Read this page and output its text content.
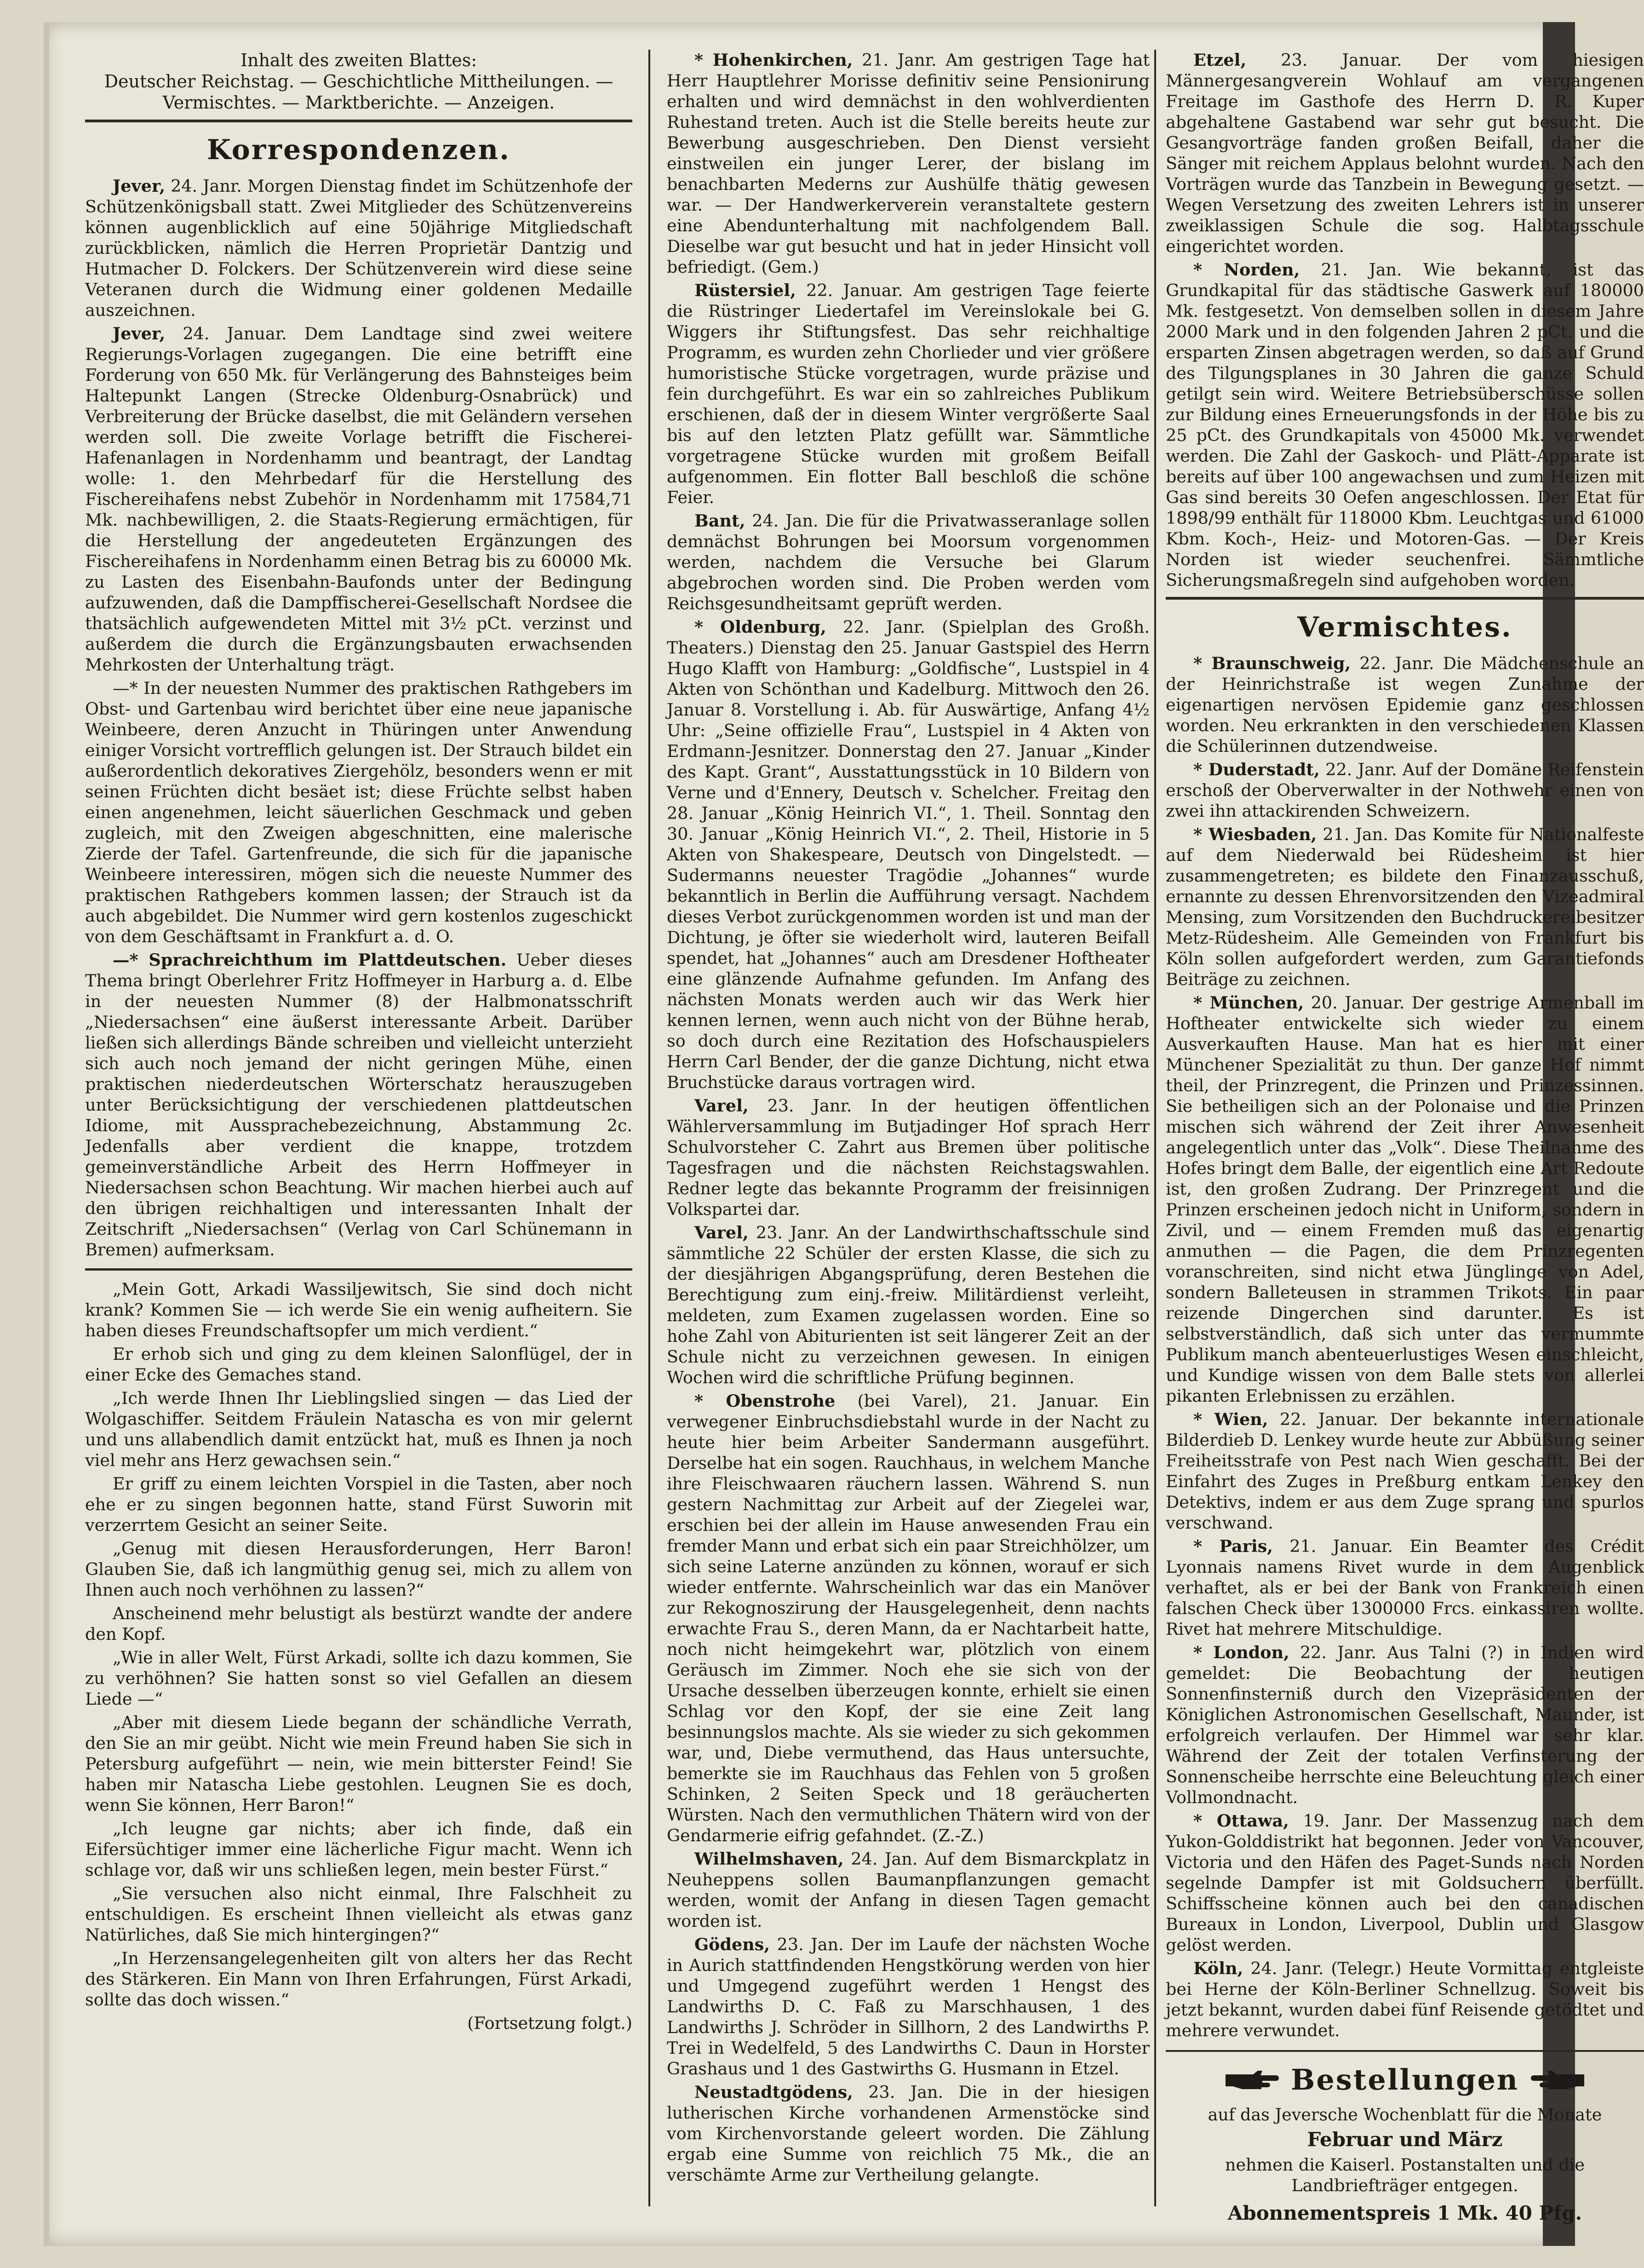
Inhalt des zweiten Blattes:

Deutscher Reichstag. — Geschichtliche Mittheilungen. —

Vermischtes. — Marktberichte. — Anzeigen.

Korrespondenzen.

Jever, 24. Janr. Morgen Dienstag findet im Schützenhofe der Schützenkönigsball statt. Zwei Mitglieder des Schützenvereins können augenblicklich auf eine 50jährige Mitgliedschaft zurückblicken, nämlich die Herren Proprietär Dantzig und Hutmacher D. Folckers. Der Schützenverein wird diese seine Veteranen durch die Widmung einer goldenen Medaille auszeichnen.

Jever, 24. Januar. Dem Landtage sind zwei weitere Regierungs-Vorlagen zugegangen. Die eine betrifft eine Forderung von 650 Mk. für Verlängerung des Bahnsteiges beim Haltepunkt Langen (Strecke Oldenburg-Osnabrück) und Verbreiterung der Brücke daselbst, die mit Geländern versehen werden soll. Die zweite Vorlage betrifft die Fischerei-Hafenanlagen in Nordenhamm und beantragt, der Landtag wolle: 1. den Mehrbedarf für die Herstellung des Fischereihafens nebst Zubehör in Nordenhamm mit 17584,71 Mk. nachbewilligen, 2. die Staats-Regierung ermächtigen, für die Herstellung der angedeuteten Ergänzungen des Fischereihafens in Nordenhamm einen Betrag bis zu 60000 Mk. zu Lasten des Eisenbahn-Baufonds unter der Bedingung aufzuwenden, daß die Dampffischerei-Gesellschaft Nordsee die thatsächlich aufgewendeten Mittel mit 3½ pCt. verzinst und außerdem die durch die Ergänzungsbauten erwachsenden Mehrkosten der Unterhaltung trägt.

—* In der neuesten Nummer des praktischen Rathgebers im Obst- und Gartenbau wird berichtet über eine neue japanische Weinbeere, deren Anzucht in Thüringen unter Anwendung einiger Vorsicht vortrefflich gelungen ist. Der Strauch bildet ein außerordentlich dekoratives Ziergehölz, besonders wenn er mit seinen Früchten dicht besäet ist; diese Früchte selbst haben einen angenehmen, leicht säuerlichen Geschmack und geben zugleich, mit den Zweigen abgeschnitten, eine malerische Zierde der Tafel. Gartenfreunde, die sich für die japanische Weinbeere interessiren, mögen sich die neueste Nummer des praktischen Rathgebers kommen lassen; der Strauch ist da auch abgebildet. Die Nummer wird gern kostenlos zugeschickt von dem Geschäftsamt in Frankfurt a. d. O.

—* Sprachreichthum im Plattdeutschen. Ueber dieses Thema bringt Oberlehrer Fritz Hoffmeyer in Harburg a. d. Elbe in der neuesten Nummer (8) der Halbmonatsschrift „Niedersachsen“ eine äußerst interessante Arbeit. Darüber ließen sich allerdings Bände schreiben und vielleicht unterzieht sich auch noch jemand der nicht geringen Mühe, einen praktischen niederdeutschen Wörterschatz herauszugeben unter Berücksichtigung der verschiedenen plattdeutschen Idiome, mit Aussprachebezeichnung, Abstammung 2c. Jedenfalls aber verdient die knappe, trotzdem gemeinverständliche Arbeit des Herrn Hoffmeyer in Niedersachsen schon Beachtung. Wir machen hierbei auch auf den übrigen reichhaltigen und interessanten Inhalt der Zeitschrift „Niedersachsen“ (Verlag von Carl Schünemann in Bremen) aufmerksam.

„Mein Gott, Arkadi Wassiljewitsch, Sie sind doch nicht krank? Kommen Sie — ich werde Sie ein wenig aufheitern. Sie haben dieses Freundschaftsopfer um mich verdient.“

Er erhob sich und ging zu dem kleinen Salonflügel, der in einer Ecke des Gemaches stand.

„Ich werde Ihnen Ihr Lieblingslied singen — das Lied der Wolgaschiffer. Seitdem Fräulein Natascha es von mir gelernt und uns allabendlich damit entzückt hat, muß es Ihnen ja noch viel mehr ans Herz gewachsen sein.“

Er griff zu einem leichten Vorspiel in die Tasten, aber noch ehe er zu singen begonnen hatte, stand Fürst Suworin mit verzerrtem Gesicht an seiner Seite.

„Genug mit diesen Herausforderungen, Herr Baron! Glauben Sie, daß ich langmüthig genug sei, mich zu allem von Ihnen auch noch verhöhnen zu lassen?“

Anscheinend mehr belustigt als bestürzt wandte der andere den Kopf.

„Wie in aller Welt, Fürst Arkadi, sollte ich dazu kommen, Sie zu verhöhnen? Sie hatten sonst so viel Gefallen an diesem Liede —“

„Aber mit diesem Liede begann der schändliche Verrath, den Sie an mir geübt. Nicht wie mein Freund haben Sie sich in Petersburg aufgeführt — nein, wie mein bitterster Feind! Sie haben mir Natascha Liebe gestohlen. Leugnen Sie es doch, wenn Sie können, Herr Baron!“

„Ich leugne gar nichts; aber ich finde, daß ein Eifersüchtiger immer eine lächerliche Figur macht. Wenn ich schlage vor, daß wir uns schließen legen, mein bester Fürst.“

„Sie versuchen also nicht einmal, Ihre Falschheit zu entschuldigen. Es erscheint Ihnen vielleicht als etwas ganz Natürliches, daß Sie mich hintergingen?“

„In Herzensangelegenheiten gilt von alters her das Recht des Stärkeren. Ein Mann von Ihren Erfahrungen, Fürst Arkadi, sollte das doch wissen.“

(Fortsetzung folgt.)

* Hohenkirchen, 21. Janr. Am gestrigen Tage hat Herr Hauptlehrer Morisse definitiv seine Pensionirung erhalten und wird demnächst in den wohlverdienten Ruhestand treten. Auch ist die Stelle bereits heute zur Bewerbung ausgeschrieben. Den Dienst versieht einstweilen ein junger Lerer, der bislang im benachbarten Mederns zur Aushülfe thätig gewesen war. — Der Handwerkerverein veranstaltete gestern eine Abendunterhaltung mit nachfolgendem Ball. Dieselbe war gut besucht und hat in jeder Hinsicht voll befriedigt. (Gem.)

Rüstersiel, 22. Januar. Am gestrigen Tage feierte die Rüstringer Liedertafel im Vereinslokale bei G. Wiggers ihr Stiftungsfest. Das sehr reichhaltige Programm, es wurden zehn Chorlieder und vier größere humoristische Stücke vorgetragen, wurde präzise und fein durchgeführt. Es war ein so zahlreiches Publikum erschienen, daß der in diesem Winter vergrößerte Saal bis auf den letzten Platz gefüllt war. Sämmtliche vorgetragene Stücke wurden mit großem Beifall aufgenommen. Ein flotter Ball beschloß die schöne Feier.

Bant, 24. Jan. Die für die Privatwasseranlage sollen demnächst Bohrungen bei Moorsum vorgenommen werden, nachdem die Versuche bei Glarum abgebrochen worden sind. Die Proben werden vom Reichsgesundheitsamt geprüft werden.

* Oldenburg, 22. Janr. (Spielplan des Großh. Theaters.) Dienstag den 25. Januar Gastspiel des Herrn Hugo Klafft von Hamburg: „Goldfische“, Lustspiel in 4 Akten von Schönthan und Kadelburg. Mittwoch den 26. Januar 8. Vorstellung i. Ab. für Auswärtige, Anfang 4½ Uhr: „Seine offizielle Frau“, Lustspiel in 4 Akten von Erdmann-Jesnitzer. Donnerstag den 27. Januar „Kinder des Kapt. Grant“, Ausstattungsstück in 10 Bildern von Verne und d'Ennery, Deutsch v. Schelcher. Freitag den 28. Januar „König Heinrich VI.“, 1. Theil. Sonntag den 30. Januar „König Heinrich VI.“, 2. Theil, Historie in 5 Akten von Shakespeare, Deutsch von Dingelstedt. — Sudermanns neuester Tragödie „Johannes“ wurde bekanntlich in Berlin die Aufführung versagt. Nachdem dieses Verbot zurückgenommen worden ist und man der Dichtung, je öfter sie wiederholt wird, lauteren Beifall spendet, hat „Johannes“ auch am Dresdener Hoftheater eine glänzende Aufnahme gefunden. Im Anfang des nächsten Monats werden auch wir das Werk hier kennen lernen, wenn auch nicht von der Bühne herab, so doch durch eine Rezitation des Hofschauspielers Herrn Carl Bender, der die ganze Dichtung, nicht etwa Bruchstücke daraus vortragen wird.

Varel, 23. Janr. In der heutigen öffentlichen Wählerversammlung im Butjadinger Hof sprach Herr Schulvorsteher C. Zahrt aus Bremen über politische Tagesfragen und die nächsten Reichstagswahlen. Redner legte das bekannte Programm der freisinnigen Volkspartei dar.

Varel, 23. Janr. An der Landwirthschaftsschule sind sämmtliche 22 Schüler der ersten Klasse, die sich zu der diesjährigen Abgangsprüfung, deren Bestehen die Berechtigung zum einj.-freiw. Militärdienst verleiht, meldeten, zum Examen zugelassen worden. Eine so hohe Zahl von Abiturienten ist seit längerer Zeit an der Schule nicht zu verzeichnen gewesen. In einigen Wochen wird die schriftliche Prüfung beginnen.

* Obenstrohe (bei Varel), 21. Januar. Ein verwegener Einbruchsdiebstahl wurde in der Nacht zu heute hier beim Arbeiter Sandermann ausgeführt. Derselbe hat ein sogen. Rauchhaus, in welchem Manche ihre Fleischwaaren räuchern lassen. Während S. nun gestern Nachmittag zur Arbeit auf der Ziegelei war, erschien bei der allein im Hause anwesenden Frau ein fremder Mann und erbat sich ein paar Streichhölzer, um sich seine Laterne anzünden zu können, worauf er sich wieder entfernte. Wahrscheinlich war das ein Manöver zur Rekognoszirung der Hausgelegenheit, denn nachts erwachte Frau S., deren Mann, da er Nachtarbeit hatte, noch nicht heimgekehrt war, plötzlich von einem Geräusch im Zimmer. Noch ehe sie sich von der Ursache desselben überzeugen konnte, erhielt sie einen Schlag vor den Kopf, der sie eine Zeit lang besinnungslos machte. Als sie wieder zu sich gekommen war, und, Diebe vermuthend, das Haus untersuchte, bemerkte sie im Rauchhaus das Fehlen von 5 großen Schinken, 2 Seiten Speck und 18 geräucherten Würsten. Nach den vermuthlichen Thätern wird von der Gendarmerie eifrig gefahndet. (Z.-Z.)

Wilhelmshaven, 24. Jan. Auf dem Bismarckplatz in Neuheppens sollen Baumanpflanzungen gemacht werden, womit der Anfang in diesen Tagen gemacht worden ist.

Gödens, 23. Jan. Der im Laufe der nächsten Woche in Aurich stattfindenden Hengstkörung werden von hier und Umgegend zugeführt werden 1 Hengst des Landwirths D. C. Faß zu Marschhausen, 1 des Landwirths J. Schröder in Sillhorn, 2 des Landwirths P. Trei in Wedelfeld, 5 des Landwirths C. Daun in Horster Grashaus und 1 des Gastwirths G. Husmann in Etzel.

Neustadtgödens, 23. Jan. Die in der hiesigen lutherischen Kirche vorhandenen Armenstöcke sind vom Kirchenvorstande geleert worden. Die Zählung ergab eine Summe von reichlich 75 Mk., die an verschämte Arme zur Vertheilung gelangte.

Etzel, 23. Januar. Der vom hiesigen Männergesangverein Wohlauf am vergangenen Freitage im Gasthofe des Herrn D. R. Kuper abgehaltene Gastabend war sehr gut besucht. Die Gesangvorträge fanden großen Beifall, daher die Sänger mit reichem Applaus belohnt wurden. Nach den Vorträgen wurde das Tanzbein in Bewegung gesetzt. — Wegen Versetzung des zweiten Lehrers ist in unserer zweiklassigen Schule die sog. Halbtagsschule eingerichtet worden.

* Norden, 21. Jan. Wie bekannt, ist das Grundkapital für das städtische Gaswerk auf 180000 Mk. festgesetzt. Von demselben sollen in diesem Jahre 2000 Mark und in den folgenden Jahren 2 pCt. und die ersparten Zinsen abgetragen werden, so daß auf Grund des Tilgungsplanes in 30 Jahren die ganze Schuld getilgt sein wird. Weitere Betriebsüberschüsse sollen zur Bildung eines Erneuerungsfonds in der Höhe bis zu 25 pCt. des Grundkapitals von 45000 Mk. verwendet werden. Die Zahl der Gaskoch- und Plätt-Apparate ist bereits auf über 100 angewachsen und zum Heizen mit Gas sind bereits 30 Oefen angeschlossen. Der Etat für 1898/99 enthält für 118000 Kbm. Leuchtgas und 61000 Kbm. Koch-, Heiz- und Motoren-Gas. — Der Kreis Norden ist wieder seuchenfrei. Sämmtliche Sicherungsmaßregeln sind aufgehoben worden.

Vermischtes.

* Braunschweig, 22. Janr. Die Mädchenschule an der Heinrichstraße ist wegen Zunahme der eigenartigen nervösen Epidemie ganz geschlossen worden. Neu erkrankten in den verschiedenen Klassen die Schülerinnen dutzendweise.

* Duderstadt, 22. Janr. Auf der Domäne Reifenstein erschoß der Oberverwalter in der Nothwehr einen von zwei ihn attackirenden Schweizern.

* Wiesbaden, 21. Jan. Das Komite für Nationalfeste auf dem Niederwald bei Rüdesheim ist hier zusammengetreten; es bildete den Finanzausschuß, ernannte zu dessen Ehrenvorsitzenden den Vizeadmiral Mensing, zum Vorsitzenden den Buchdruckereibesitzer Metz-Rüdesheim. Alle Gemeinden von Frankfurt bis Köln sollen aufgefordert werden, zum Garantiefonds Beiträge zu zeichnen.

* München, 20. Januar. Der gestrige Armenball im Hoftheater entwickelte sich wieder zu einem Ausverkauften Hause. Man hat es hier mit einer Münchener Spezialität zu thun. Der ganze Hof nimmt theil, der Prinzregent, die Prinzen und Prinzessinnen. Sie betheiligen sich an der Polonaise und die Prinzen mischen sich während der Zeit ihrer Anwesenheit angelegentlich unter das „Volk“. Diese Theilnahme des Hofes bringt dem Balle, der eigentlich eine Art Redoute ist, den großen Zudrang. Der Prinzregent und die Prinzen erscheinen jedoch nicht in Uniform, sondern in Zivil, und — einem Fremden muß das eigenartig anmuthen — die Pagen, die dem Prinzregenten voranschreiten, sind nicht etwa Jünglinge von Adel, sondern Balleteusen in strammen Trikots. Ein paar reizende Dingerchen sind darunter. Es ist selbstverständlich, daß sich unter das vermummte Publikum manch abenteuerlustiges Wesen einschleicht, und Kundige wissen von dem Balle stets von allerlei pikanten Erlebnissen zu erzählen.

* Wien, 22. Januar. Der bekannte internationale Bilderdieb D. Lenkey wurde heute zur Abbüßung seiner Freiheitsstrafe von Pest nach Wien geschafft. Bei der Einfahrt des Zuges in Preßburg entkam Lenkey den Detektivs, indem er aus dem Zuge sprang und spurlos verschwand.

* Paris, 21. Januar. Ein Beamter des Crédit Lyonnais namens Rivet wurde in dem Augenblick verhaftet, als er bei der Bank von Frankreich einen falschen Check über 1300000 Frcs. einkassiren wollte. Rivet hat mehrere Mitschuldige.

* London, 22. Janr. Aus Talni (?) in Indien wird gemeldet: Die Beobachtung der heutigen Sonnenfinsterniß durch den Vizepräsidenten der Königlichen Astronomischen Gesellschaft, Maunder, ist erfolgreich verlaufen. Der Himmel war sehr klar. Während der Zeit der totalen Verfinsterung der Sonnenscheibe herrschte eine Beleuchtung gleich einer Vollmondnacht.

* Ottawa, 19. Janr. Der Massenzug nach dem Yukon-Golddistrikt hat begonnen. Jeder von Vancouver, Victoria und den Häfen des Paget-Sunds nach Norden segelnde Dampfer ist mit Goldsuchern überfüllt. Schiffsscheine können auch bei den canadischen Bureaux in London, Liverpool, Dublin und Glasgow gelöst werden.

Köln, 24. Janr. (Telegr.) Heute Vormittag entgleiste bei Herne der Köln-Berliner Schnellzug. Soweit bis jetzt bekannt, wurden dabei fünf Reisende getödtet und mehrere verwundet.

Bestellungen

auf das Jeversche Wochenblatt für die Monate

Februar und März

nehmen die Kaiserl. Postanstalten und die Landbriefträger entgegen.

Abonnementspreis 1 Mk. 40 Pfg.
